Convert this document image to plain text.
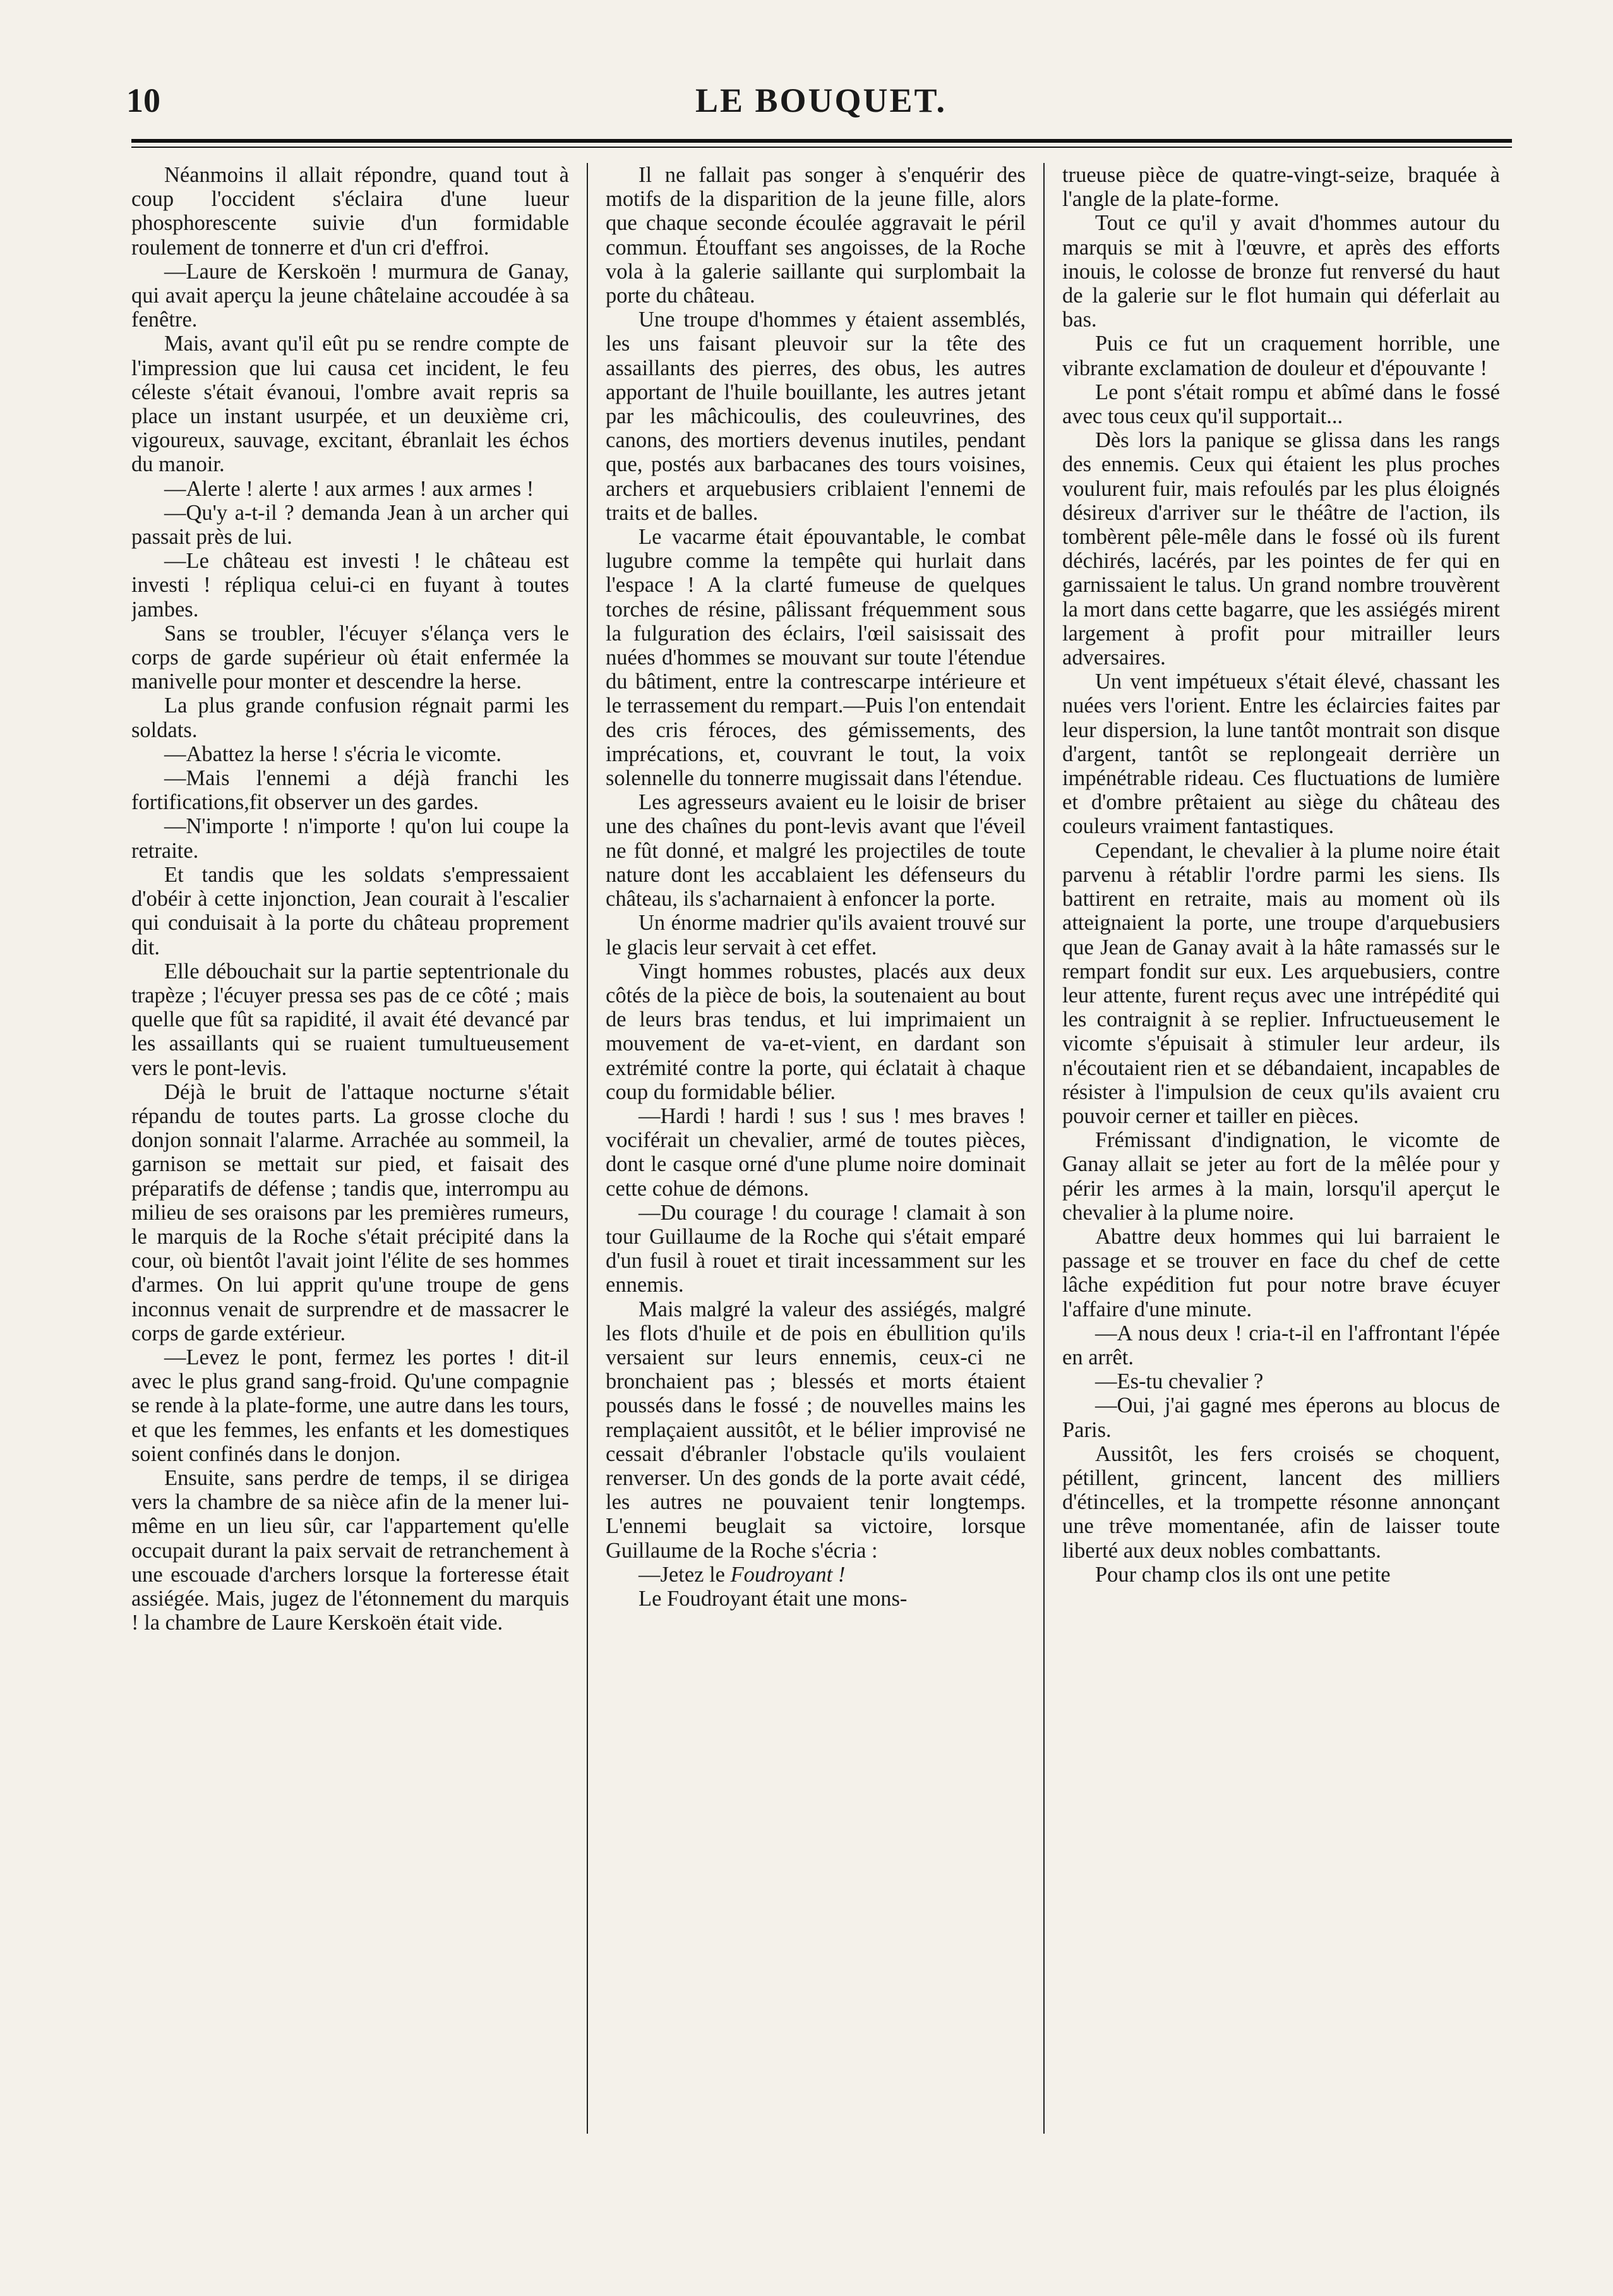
10	LE BOUQUET.

Néanmoins il allait répondre, quand tout à coup l'occident s'éclaira d'une lueur phosphorescente suivie d'un formidable roulement de tonnerre et d'un cri d'effroi.

—Laure de Kerskoën ! murmura de Ganay, qui avait aperçu la jeune châtelaine accoudée à sa fenêtre.

Mais, avant qu'il eût pu se rendre compte de l'impression que lui causa cet incident, le feu céleste s'était évanoui, l'ombre avait repris sa place un instant usurpée, et un deuxième cri, vigoureux, sauvage, excitant, ébranlait les échos du manoir.

—Alerte ! alerte ! aux armes ! aux armes !

—Qu'y a-t-il ? demanda Jean à un archer qui passait près de lui.

—Le château est investi ! le château est investi ! répliqua celui-ci en fuyant à toutes jambes.

Sans se troubler, l'écuyer s'élança vers le corps de garde supérieur où était enfermée la manivelle pour monter et descendre la herse.

La plus grande confusion régnait parmi les soldats.

—Abattez la herse ! s'écria le vicomte.

—Mais l'ennemi a déjà franchi les fortifications,fit observer un des gardes.

—N'importe ! n'importe ! qu'on lui coupe la retraite.

Et tandis que les soldats s'empressaient d'obéir à cette injonction, Jean courait à l'escalier qui conduisait à la porte du château proprement dit.

Elle débouchait sur la partie septentrionale du trapèze ; l'écuyer pressa ses pas de ce côté ; mais quelle que fût sa rapidité, il avait été devancé par les assaillants qui se ruaient tumultueusement vers le pont-levis.

Déjà le bruit de l'attaque nocturne s'était répandu de toutes parts. La grosse cloche du donjon sonnait l'alarme. Arrachée au sommeil, la garnison se mettait sur pied, et faisait des préparatifs de défense ; tandis que, interrompu au milieu de ses oraisons par les premières rumeurs, le marquis de la Roche s'était précipité dans la cour, où bientôt l'avait joint l'élite de ses hommes d'armes. On lui apprit qu'une troupe de gens inconnus venait de surprendre et de massacrer le corps de garde extérieur.

—Levez le pont, fermez les portes ! dit-il avec le plus grand sang-froid. Qu'une compagnie se rende à la plate-forme, une autre dans les tours, et que les femmes, les enfants et les domestiques soient confinés dans le donjon.

Ensuite, sans perdre de temps, il se dirigea vers la chambre de sa nièce afin de la mener lui-même en un lieu sûr, car l'appartement qu'elle occupait durant la paix servait de retranchement à une escouade d'archers lorsque la forteresse était assiégée. Mais, jugez de l'étonnement du marquis ! la chambre de Laure Kerskoën était vide.

Il ne fallait pas songer à s'enquérir des motifs de la disparition de la jeune fille, alors que chaque seconde écoulée aggravait le péril commun. Étouffant ses angoisses, de la Roche vola à la galerie saillante qui surplombait la porte du château.

Une troupe d'hommes y étaient assemblés, les uns faisant pleuvoir sur la tête des assaillants des pierres, des obus, les autres apportant de l'huile bouillante, les autres jetant par les mâchicoulis, des couleuvrines, des canons, des mortiers devenus inutiles, pendant que, postés aux barbacanes des tours voisines, archers et arquebusiers criblaient l'ennemi de traits et de balles.

Le vacarme était épouvantable, le combat lugubre comme la tempête qui hurlait dans l'espace ! A la clarté fumeuse de quelques torches de résine, pâlissant fréquemment sous la fulguration des éclairs, l'œil saisissait des nuées d'hommes se mouvant sur toute l'étendue du bâtiment, entre la contrescarpe intérieure et le terrassement du rempart.—Puis l'on entendait des cris féroces, des gémissements, des imprécations, et, couvrant le tout, la voix solennelle du tonnerre mugissait dans l'étendue.

Les agresseurs avaient eu le loisir de briser une des chaînes du pont-levis avant que l'éveil ne fût donné, et malgré les projectiles de toute nature dont les accablaient les défenseurs du château, ils s'acharnaient à enfoncer la porte.

Un énorme madrier qu'ils avaient trouvé sur le glacis leur servait à cet effet.

Vingt hommes robustes, placés aux deux côtés de la pièce de bois, la soutenaient au bout de leurs bras tendus, et lui imprimaient un mouvement de va-et-vient, en dardant son extrémité contre la porte, qui éclatait à chaque coup du formidable bélier.

—Hardi ! hardi ! sus ! sus ! mes braves ! vociférait un chevalier, armé de toutes pièces, dont le casque orné d'une plume noire dominait cette cohue de démons.

—Du courage ! du courage ! clamait à son tour Guillaume de la Roche qui s'était emparé d'un fusil à rouet et tirait incessamment sur les ennemis.

Mais malgré la valeur des assiégés, malgré les flots d'huile et de pois en ébullition qu'ils versaient sur leurs ennemis, ceux-ci ne bronchaient pas ; blessés et morts étaient poussés dans le fossé ; de nouvelles mains les remplaçaient aussitôt, et le bélier improvisé ne cessait d'ébranler l'obstacle qu'ils voulaient renverser. Un des gonds de la porte avait cédé, les autres ne pouvaient tenir longtemps. L'ennemi beuglait sa victoire, lorsque Guillaume de la Roche s'écria :

—Jetez le Foudroyant !

Le Foudroyant était une mons-

trueuse pièce de quatre-vingt-seize, braquée à l'angle de la plate-forme.

Tout ce qu'il y avait d'hommes autour du marquis se mit à l'œuvre, et après des efforts inouis, le colosse de bronze fut renversé du haut de la galerie sur le flot humain qui déferlait au bas.

Puis ce fut un craquement horrible, une vibrante exclamation de douleur et d'épouvante !

Le pont s'était rompu et abîmé dans le fossé avec tous ceux qu'il supportait...

Dès lors la panique se glissa dans les rangs des ennemis. Ceux qui étaient les plus proches voulurent fuir, mais refoulés par les plus éloignés désireux d'arriver sur le théâtre de l'action, ils tombèrent pêle-mêle dans le fossé où ils furent déchirés, lacérés, par les pointes de fer qui en garnissaient le talus. Un grand nombre trouvèrent la mort dans cette bagarre, que les assiégés mirent largement à profit pour mitrailler leurs adversaires.

Un vent impétueux s'était élevé, chassant les nuées vers l'orient. Entre les éclaircies faites par leur dispersion, la lune tantôt montrait son disque d'argent, tantôt se replongeait derrière un impénétrable rideau. Ces fluctuations de lumière et d'ombre prêtaient au siège du château des couleurs vraiment fantastiques.

Cependant, le chevalier à la plume noire était parvenu à rétablir l'ordre parmi les siens. Ils battirent en retraite, mais au moment où ils atteignaient la porte, une troupe d'arquebusiers que Jean de Ganay avait à la hâte ramassés sur le rempart fondit sur eux. Les arquebusiers, contre leur attente, furent reçus avec une intrépédité qui les contraignit à se replier. Infructueusement le vicomte s'épuisait à stimuler leur ardeur, ils n'écoutaient rien et se débandaient, incapables de résister à l'impulsion de ceux qu'ils avaient cru pouvoir cerner et tailler en pièces.

Frémissant d'indignation, le vicomte de Ganay allait se jeter au fort de la mêlée pour y périr les armes à la main, lorsqu'il aperçut le chevalier à la plume noire.

Abattre deux hommes qui lui barraient le passage et se trouver en face du chef de cette lâche expédition fut pour notre brave écuyer l'affaire d'une minute.

—A nous deux ! cria-t-il en l'affrontant l'épée en arrêt.

—Es-tu chevalier ?

—Oui, j'ai gagné mes éperons au blocus de Paris.

Aussitôt, les fers croisés se choquent, pétillent, grincent, lancent des milliers d'étincelles, et la trompette résonne annonçant une trêve momentanée, afin de laisser toute liberté aux deux nobles combattants.

Pour champ clos ils ont une petite
